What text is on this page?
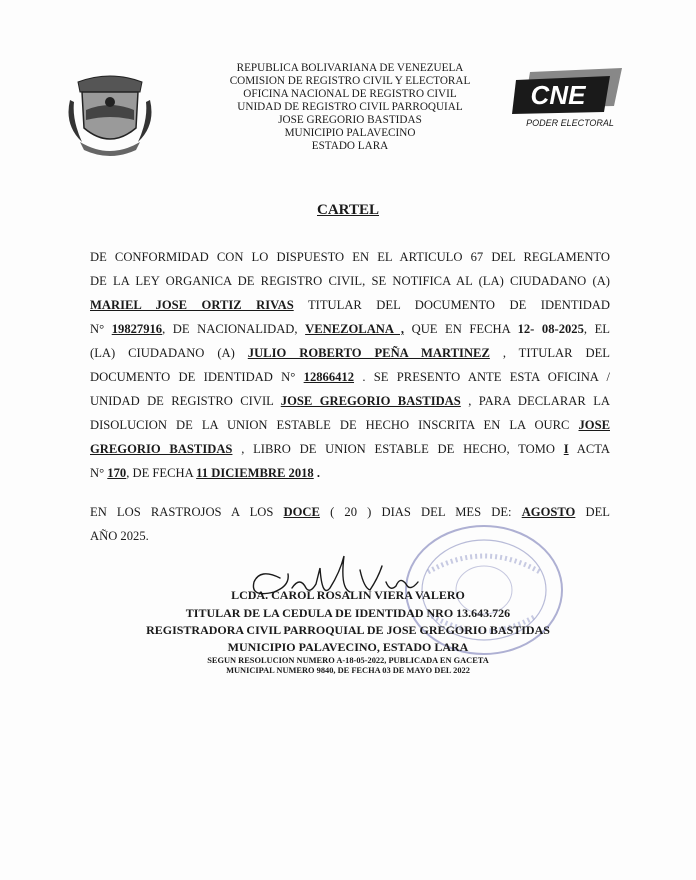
REPUBLICA BOLIVARIANA DE VENEZUELA
COMISION DE REGISTRO CIVIL Y ELECTORAL
OFICINA NACIONAL DE REGISTRO CIVIL
UNIDAD DE REGISTRO CIVIL PARROQUIAL
JOSE GREGORIO BASTIDAS
MUNICIPIO PALAVECINO
ESTADO LARA
CNE
PODER ELECTORAL
CARTEL
DE CONFORMIDAD CON LO DISPUESTO EN EL ARTICULO 67 DEL REGLAMENTO
DE LA LEY ORGANICA DE REGISTRO CIVIL, SE NOTIFICA AL (LA) CIUDADANO (A)
MARIEL JOSE ORTIZ RIVAS TITULAR DEL DOCUMENTO DE IDENTIDAD
N° 19827916, DE NACIONALIDAD, VENEZOLANA , QUE EN FECHA 12- 08-2025, EL
(LA) CIUDADANO (A) JULIO ROBERTO PEÑA MARTINEZ , TITULAR DEL
DOCUMENTO DE IDENTIDAD N° 12866412 . SE PRESENTO ANTE ESTA OFICINA /
UNIDAD DE REGISTRO CIVIL JOSE GREGORIO BASTIDAS , PARA DECLARAR LA
DISOLUCION DE LA UNION ESTABLE DE HECHO INSCRITA EN LA OURC JOSE
GREGORIO BASTIDAS , LIBRO DE UNION ESTABLE DE HECHO, TOMO I ACTA
N° 170, DE FECHA 11 DICIEMBRE 2018 .
EN LOS RASTROJOS A LOS DOCE ( 20 ) DIAS DEL MES DE: AGOSTO DEL
AÑO 2025.
LCDA. CAROL ROSALIN VIERA VALERO
TITULAR DE LA CEDULA DE IDENTIDAD NRO 13.643.726
REGISTRADORA CIVIL PARROQUIAL DE JOSE GREGORIO BASTIDAS
MUNICIPIO PALAVECINO, ESTADO LARA
SEGUN RESOLUCION NUMERO A-18-05-2022, PUBLICADA EN GACETA
MUNICIPAL NUMERO 9840, DE FECHA 03 DE MAYO DEL 2022
